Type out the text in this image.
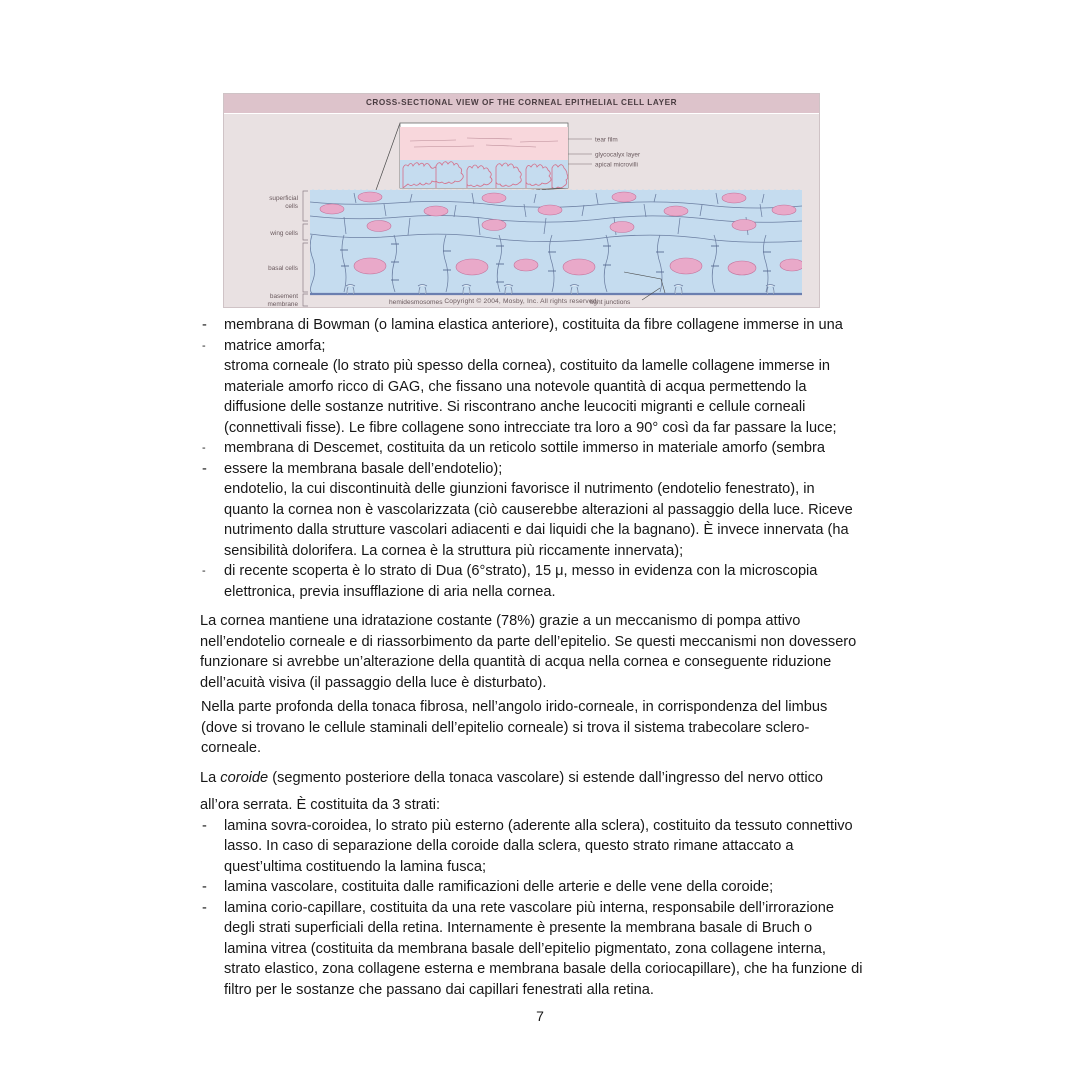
CROSS-SECTIONAL VIEW OF THE CORNEAL EPITHELIAL CELL LAYER
tear film
glycocalyx layer
apical microvilli
superficial
cells
wing cells
basal cells
basement
membrane	hemidesmosomes	tight junctions
Copyright © 2004, Mosby, Inc. All rights reserved.
- membrana di Bowman (o lamina elastica anteriore), costituita da fibre collagene immerse in una

- matrice amorfa;

stroma corneale (lo strato più spesso della cornea), costituito da lamelle collagene immerse in

materiale amorfo ricco di GAG, che fissano una notevole quantità di acqua permettendo la

diffusione delle sostanze nutritive. Si riscontrano anche leucociti migranti e cellule corneali

(connettivali fisse). Le fibre collagene sono intrecciate tra loro a 90° così da far passare la luce;

- membrana di Descemet, costituita da un reticolo sottile immerso in materiale amorfo (sembra

- essere la membrana basale dell’endotelio);

endotelio, la cui discontinuità delle giunzioni favorisce il nutrimento (endotelio fenestrato), in

quanto la cornea non è vascolarizzata (ciò causerebbe alterazioni al passaggio della luce. Riceve

nutrimento dalla strutture vascolari adiacenti e dai liquidi che la bagnano). È invece innervata (ha

sensibilità dolorifera. La cornea è la struttura più riccamente innervata);

- di recente scoperta è lo strato di Dua (6°strato), 15 μ, messo in evidenza con la microscopia

elettronica, previa insufflazione di aria nella cornea.

La cornea mantiene una idratazione costante (78%) grazie a un meccanismo di pompa attivo

nell’endotelio corneale e di riassorbimento da parte dell’epitelio. Se questi meccanismi non dovessero

funzionare si avrebbe un’alterazione della quantità di acqua nella cornea e conseguente riduzione

dell’acuità visiva (il passaggio della luce è disturbato).

Nella parte profonda della tonaca fibrosa, nell’angolo irido-corneale, in corrispondenza del limbus

(dove si trovano le cellule staminali dell’epitelio corneale) si trova il sistema trabecolare sclero-

corneale.

La coroide (segmento posteriore della tonaca vascolare) si estende dall’ingresso del nervo ottico

all’ora serrata. È costituita da 3 strati:

- lamina sovra-coroidea, lo strato più esterno (aderente alla sclera), costituito da tessuto connettivo

lasso. In caso di separazione della coroide dalla sclera, questo strato rimane attaccato a

quest’ultima costituendo la lamina fusca;

- lamina vascolare, costituita dalle ramificazioni delle arterie e delle vene della coroide;

- lamina corio-capillare, costituita da una rete vascolare più interna, responsabile dell’irrorazione

degli strati superficiali della retina. Internamente è presente la membrana basale di Bruch o

lamina vitrea (costituita da membrana basale dell’epitelio pigmentato, zona collagene interna,

strato elastico, zona collagene esterna e membrana basale della coriocapillare), che ha funzione di

filtro per le sostanze che passano dai capillari fenestrati alla retina.

7
